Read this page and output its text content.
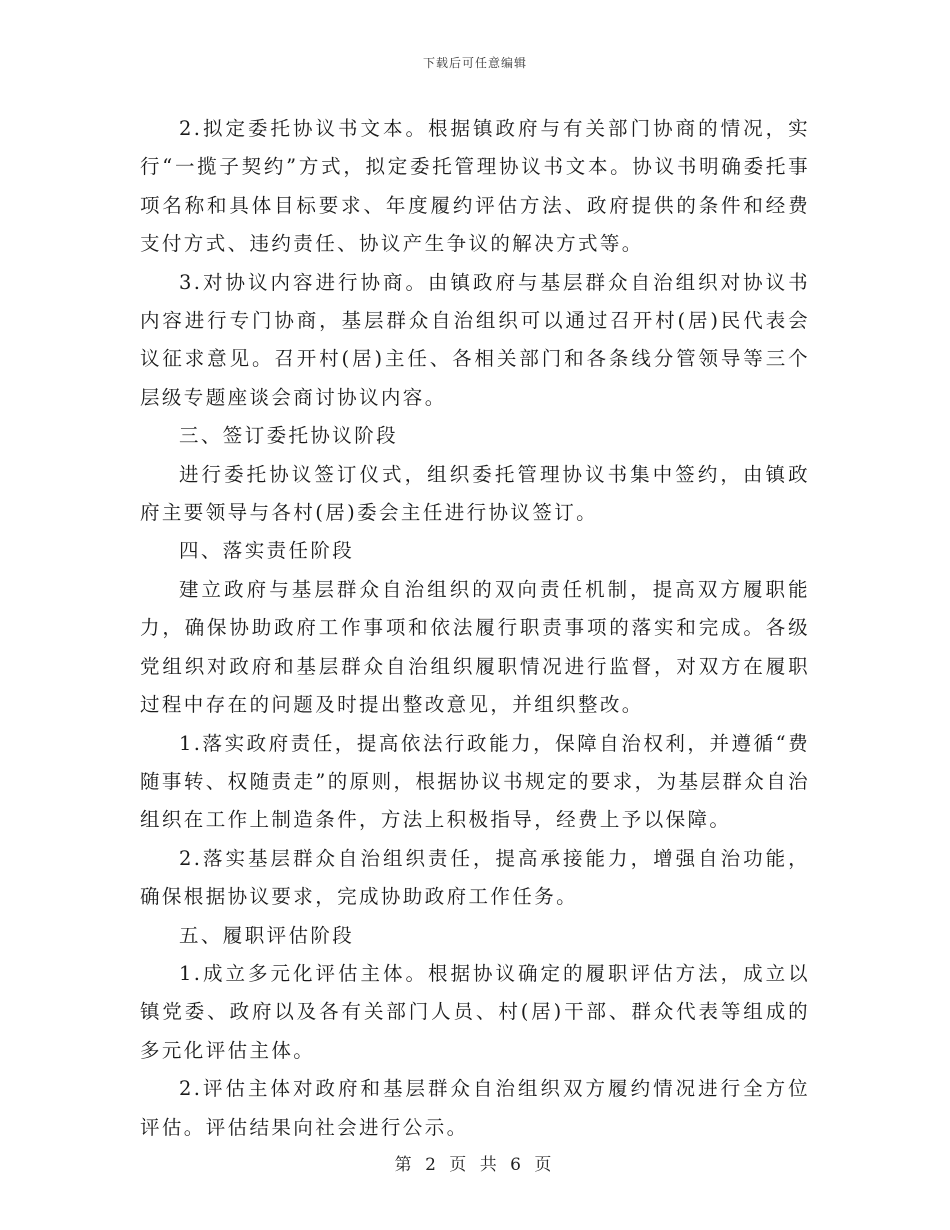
下载后可任意编辑

2.拟定委托协议书文本。根据镇政府与有关部门协商的情况，实行“一揽子契约”方式，拟定委托管理协议书文本。协议书明确委托事项名称和具体目标要求、年度履约评估方法、政府提供的条件和经费支付方式、违约责任、协议产生争议的解决方式等。

3.对协议内容进行协商。由镇政府与基层群众自治组织对协议书内容进行专门协商，基层群众自治组织可以通过召开村(居)民代表会议征求意见。召开村(居)主任、各相关部门和各条线分管领导等三个层级专题座谈会商讨协议内容。

三、签订委托协议阶段

进行委托协议签订仪式，组织委托管理协议书集中签约，由镇政府主要领导与各村(居)委会主任进行协议签订。

四、落实责任阶段

建立政府与基层群众自治组织的双向责任机制，提高双方履职能力，确保协助政府工作事项和依法履行职责事项的落实和完成。各级党组织对政府和基层群众自治组织履职情况进行监督，对双方在履职过程中存在的问题及时提出整改意见，并组织整改。

1.落实政府责任，提高依法行政能力，保障自治权利，并遵循“费随事转、权随责走”的原则，根据协议书规定的要求，为基层群众自治组织在工作上制造条件，方法上积极指导，经费上予以保障。

2.落实基层群众自治组织责任，提高承接能力，增强自治功能，确保根据协议要求，完成协助政府工作任务。

五、履职评估阶段

1.成立多元化评估主体。根据协议确定的履职评估方法，成立以镇党委、政府以及各有关部门人员、村(居)干部、群众代表等组成的多元化评估主体。

2.评估主体对政府和基层群众自治组织双方履约情况进行全方位评估。评估结果向社会进行公示。

第 2 页 共 6 页
